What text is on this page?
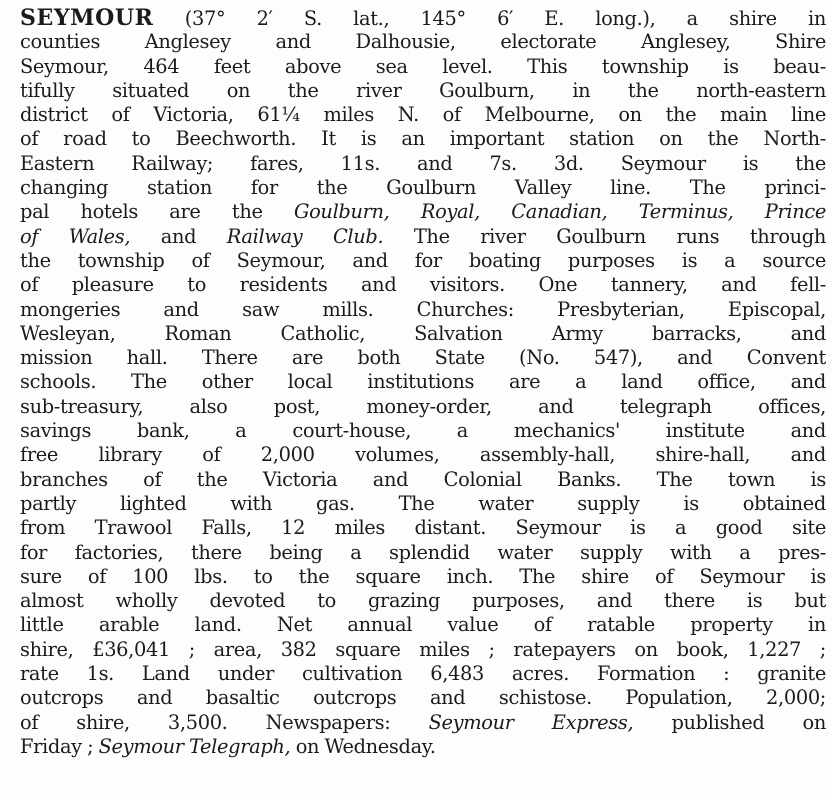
SEYMOUR (37° 2′ S. lat., 145° 6′ E. long.), a shire in
counties Anglesey and Dalhousie, electorate Anglesey, Shire
Seymour, 464 feet above sea level. This township is beau-
tifully situated on the river Goulburn, in the north-eastern
district of Victoria, 61¼ miles N. of Melbourne, on the main line
of road to Beechworth. It is an important station on the North-
Eastern Railway; fares, 11s. and 7s. 3d. Seymour is the
changing station for the Goulburn Valley line. The princi-
pal hotels are the Goulburn, Royal, Canadian, Terminus, Prince
of Wales, and Railway Club. The river Goulburn runs through
the township of Seymour, and for boating purposes is a source
of pleasure to residents and visitors. One tannery, and fell-
mongeries and saw mills. Churches: Presbyterian, Episcopal,
Wesleyan, Roman Catholic, Salvation Army barracks, and
mission hall. There are both State (No. 547), and Convent
schools. The other local institutions are a land office, and
sub-treasury, also post, money-order, and telegraph offices,
savings bank, a court-house, a mechanics' institute and
free library of 2,000 volumes, assembly-hall, shire-hall, and
branches of the Victoria and Colonial Banks. The town is
partly lighted with gas. The water supply is obtained
from Trawool Falls, 12 miles distant. Seymour is a good site
for factories, there being a splendid water supply with a pres-
sure of 100 lbs. to the square inch. The shire of Seymour is
almost wholly devoted to grazing purposes, and there is but
little arable land. Net annual value of ratable property in
shire, £36,041 ; area, 382 square miles ; ratepayers on book, 1,227 ;
rate 1s. Land under cultivation 6,483 acres. Formation : granite
outcrops and basaltic outcrops and schistose. Population, 2,000;
of shire, 3,500. Newspapers: Seymour Express, published on
Friday ; Seymour Telegraph, on Wednesday.
